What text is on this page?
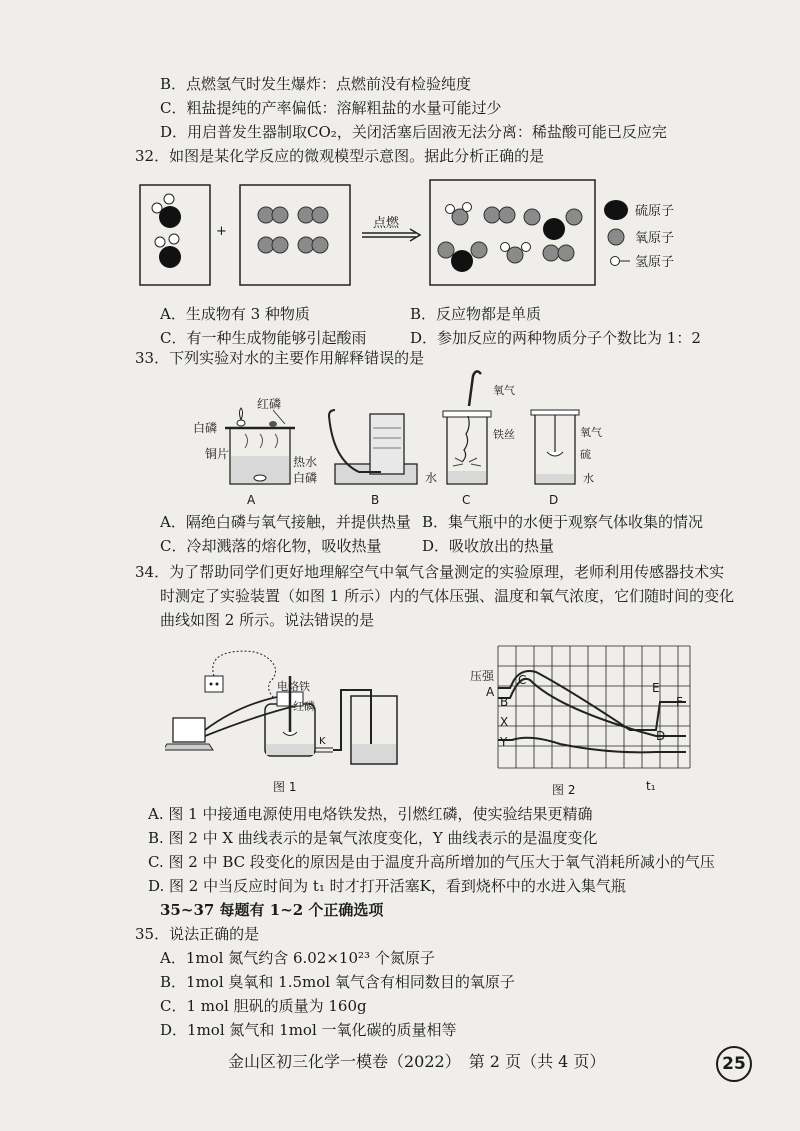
B．点燃氢气时发生爆炸：点燃前没有检验纯度
C．粗盐提纯的产率偏低：溶解粗盐的水量可能过少
D．用启普发生器制取CO₂，关闭活塞后固液无法分离：稀盐酸可能已反应完
32．如图是某化学反应的微观模型示意图。据此分析正确的是
+
点燃
硫原子
氧原子
氢原子
A．生成物有 3 种物质	B．反应物都是单质
C．有一种生成物能够引起酸雨	D．参加反应的两种物质分子个数比为 1：2
33．下列实验对水的主要作用解释错误的是
红磷
白磷
铜片
热水
白磷
A	B
氧气
铁丝
水
C
氧气
硫
水
D
A．隔绝白磷与氧气接触，并提供热量 B．集气瓶中的水便于观察气体收集的情况
C．冷却溅落的熔化物，吸收热量	D．吸收放出的热量
34．为了帮助同学们更好地理解空气中氧气含量测定的实验原理，老师利用传感器技术实
时测定了实验装置（如图 1 所示）内的气体压强、温度和氧气浓度，它们随时间的变化
曲线如图 2 所示。说法错误的是
电烙铁
红磷
K
图 1
压强
A
B
C
D
E
F
X
Y
图 2	t₁
A. 图 1 中接通电源使用电烙铁发热，引燃红磷，使实验结果更精确
B. 图 2 中 X 曲线表示的是氧气浓度变化，Y 曲线表示的是温度变化
C. 图 2 中 BC 段变化的原因是由于温度升高所增加的气压大于氧气消耗所减小的气压
D. 图 2 中当反应时间为 t₁ 时才打开活塞K，看到烧杯中的水进入集气瓶
35~37 每题有 1~2 个正确选项
35．说法正确的是
A．1mol 氮气约含 6.02×10²³ 个氮原子
B．1mol 臭氧和 1.5mol 氧气含有相同数目的氧原子
C．1 mol 胆矾的质量为 160g
D．1mol 氮气和 1mol 一氧化碳的质量相等
金山区初三化学一模卷（2022）　第 2 页（共 4 页）	25
